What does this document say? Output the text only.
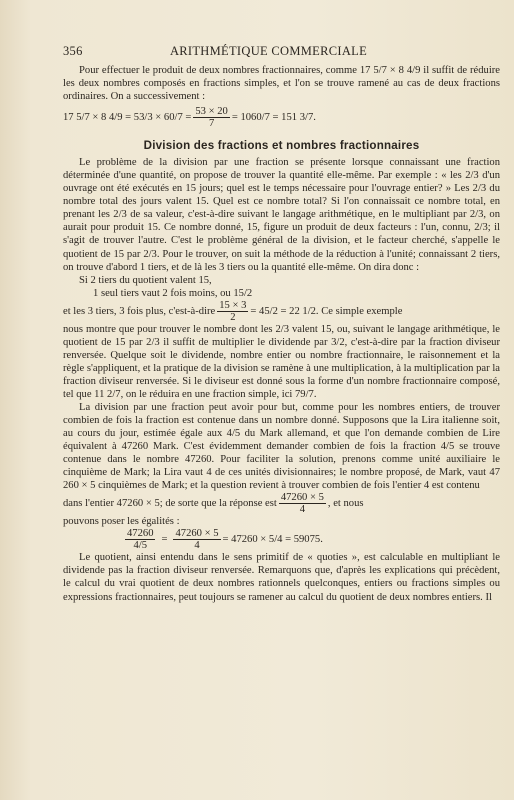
356	ARITHMÉTIQUE COMMERCIALE

Pour effectuer le produit de deux nombres fractionnaires, comme 17 5/7 × 8 4/9 il suffit de réduire les deux nombres composés en fractions simples, et l'on se trouve ramené au cas de deux fractions ordinaires. On a successivement :

17 5/7 × 8 $4/9 = 53/3 \times 60/7 = \frac{53 \times 20}{7} = 1060/7 = 151$ 3/7.
Division des fractions et nombres fractionnaires

Le problème de la division par une fraction se présente lorsque connaissant une fraction déterminée d'une quantité, on propose de trouver la quantité elle-même. Par exemple : « les 2/3 d'un ouvrage ont été exécutés en 15 jours; quel est le temps nécessaire pour l'ouvrage entier? » Les 2/3 du nombre total des jours valent 15. Quel est ce nombre total? Si l'on connaissait ce nombre total, en prenant les 2/3 de sa valeur, c'est-à-dire suivant le langage arithmétique, en le multipliant par 2/3, on aurait pour produit 15. Ce nombre donné, 15, figure un produit de deux facteurs : l'un, connu, 2/3; il s'agit de trouver l'autre. C'est le problème général de la division, et le facteur cherché, s'appelle le quotient de 15 par 2/3. Pour le trouver, on suit la méthode de la réduction à l'unité; connaissant 2 tiers, on trouve d'abord 1 tiers, et de là les 3 tiers ou la quantité elle-même. On dira donc :

Si 2 tiers du quotient valent 15,

1 seul tiers vaut 2 fois moins, ou 15/2

et les 3 tiers, 3 fois plus, c'est-à-dire $\frac{15 \times 3}{2} = 45/2 = 22$ 1/2. Ce simple exemple

nous montre que pour trouver le nombre dont les 2/3 valent 15, ou, suivant le langage arithmétique, le quotient de 15 par 2/3 il suffit de multiplier le dividende par 3/2, c'est-à-dire par la fraction diviseur renversée. Quelque soit le dividende, nombre entier ou nombre fractionnaire, le raisonnement et la règle s'appliquent, et la pratique de la division se ramène à une multiplication, à la multiplication par la fraction diviseur renversée. Si le diviseur est donné sous la forme d'un nombre fractionnaire composé, tel que 11 2/7, on le réduira en une fraction simple, ici 79/7.

La division par une fraction peut avoir pour but, comme pour les nombres entiers, de trouver combien de fois la fraction est contenue dans un nombre donné. Supposons que la Lira italienne soit, au cours du jour, estimée égale aux 4/5 du Mark allemand, et que l'on demande combien de Lire équivalent à 47260 Mark. C'est évidemment demander combien de fois la fraction 4/5 se trouve contenue dans le nombre 47260. Pour faciliter la solution, prenons comme unité auxiliaire le cinquième de Mark; la Lira vaut 4 de ces unités divisionnaires; le nombre proposé, de Mark, vaut 47 260 × 5 cinquièmes de Mark; et la question revient à trouver combien de fois l'entier 4 est contenu

dans l'entier 47260 × 5; de sorte que la réponse est $\frac{47260 \times 5}{4}$ , et nous

pouvons poser les égalités :

$\frac{47260}{4/5} = \frac{47260 \times 5}{4} = 47260 \times 5/4 = 59075$.

Le quotient, ainsi entendu dans le sens primitif de « quoties », est calculable en multipliant le dividende pas la fraction diviseur renversée. Remarquons que, d'après les explications qui précèdent, le calcul du vrai quotient de deux nombres rationnels quelconques, entiers ou fractions simples ou expressions fractionnaires, peut toujours se ramener au calcul du quotient de deux nombres entiers. Il
